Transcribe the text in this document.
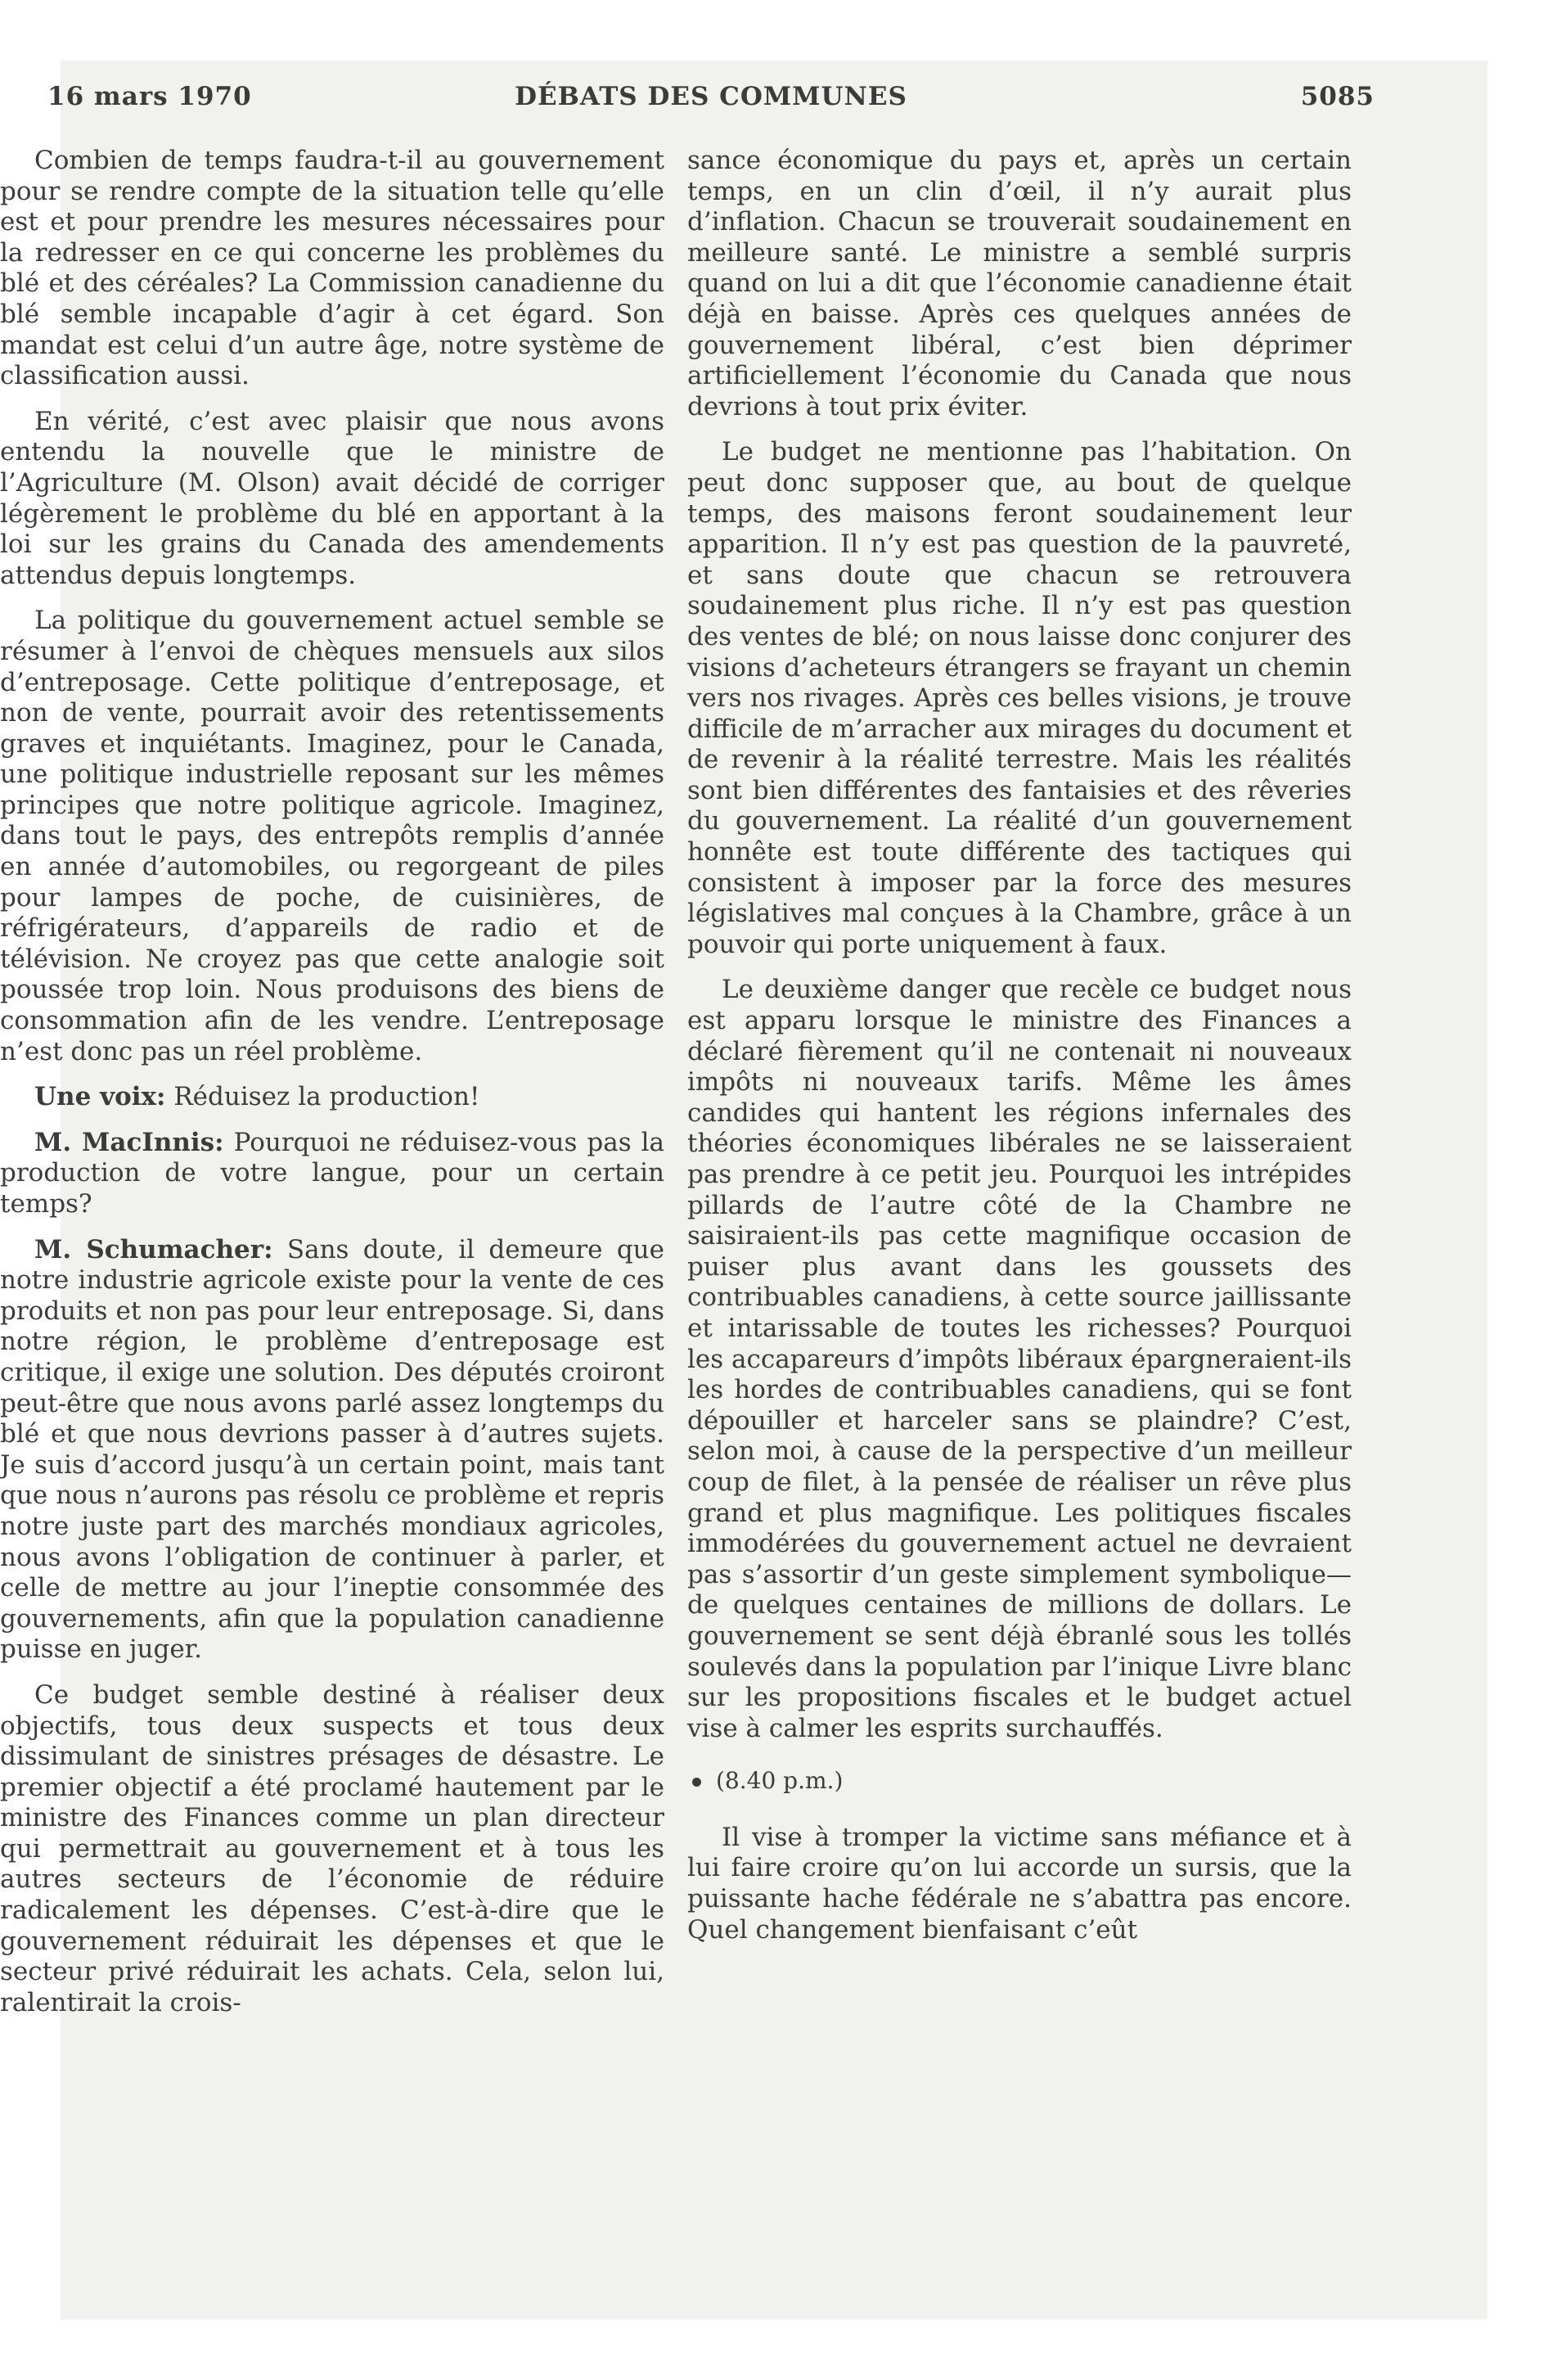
16 mars 1970	DÉBATS DES COMMUNES	5085

Combien de temps faudra-t-il au gouvernement pour se rendre compte de la situation telle qu’elle est et pour prendre les mesures nécessaires pour la redresser en ce qui concerne les problèmes du blé et des céréales? La Commission canadienne du blé semble incapable d’agir à cet égard. Son mandat est celui d’un autre âge, notre système de classification aussi.

En vérité, c’est avec plaisir que nous avons entendu la nouvelle que le ministre de l’Agriculture (M. Olson) avait décidé de corriger légèrement le problème du blé en apportant à la loi sur les grains du Canada des amendements attendus depuis longtemps.

La politique du gouvernement actuel semble se résumer à l’envoi de chèques mensuels aux silos d’entreposage. Cette politique d’entreposage, et non de vente, pourrait avoir des retentissements graves et inquiétants. Imaginez, pour le Canada, une politique industrielle reposant sur les mêmes principes que notre politique agricole. Imaginez, dans tout le pays, des entrepôts remplis d’année en année d’automobiles, ou regorgeant de piles pour lampes de poche, de cuisinières, de réfrigérateurs, d’appareils de radio et de télévision. Ne croyez pas que cette analogie soit poussée trop loin. Nous produisons des biens de consommation afin de les vendre. L’entreposage n’est donc pas un réel problème.

Une voix: Réduisez la production!

M. MacInnis: Pourquoi ne réduisez-vous pas la production de votre langue, pour un certain temps?

M. Schumacher: Sans doute, il demeure que notre industrie agricole existe pour la vente de ces produits et non pas pour leur entreposage. Si, dans notre région, le problème d’entreposage est critique, il exige une solution. Des députés croiront peut-être que nous avons parlé assez longtemps du blé et que nous devrions passer à d’autres sujets. Je suis d’accord jusqu’à un certain point, mais tant que nous n’aurons pas résolu ce problème et repris notre juste part des marchés mondiaux agricoles, nous avons l’obligation de continuer à parler, et celle de mettre au jour l’ineptie consommée des gouvernements, afin que la population canadienne puisse en juger.

Ce budget semble destiné à réaliser deux objectifs, tous deux suspects et tous deux dissimulant de sinistres présages de désastre. Le premier objectif a été proclamé hautement par le ministre des Finances comme un plan directeur qui permettrait au gouvernement et à tous les autres secteurs de l’économie de réduire radicalement les dépenses. C’est-à-dire que le gouvernement réduirait les dépenses et que le secteur privé réduirait les achats. Cela, selon lui, ralentirait la crois-

sance économique du pays et, après un certain temps, en un clin d’œil, il n’y aurait plus d’inflation. Chacun se trouverait soudainement en meilleure santé. Le ministre a semblé surpris quand on lui a dit que l’économie canadienne était déjà en baisse. Après ces quelques années de gouvernement libéral, c’est bien déprimer artificiellement l’économie du Canada que nous devrions à tout prix éviter.

Le budget ne mentionne pas l’habitation. On peut donc supposer que, au bout de quelque temps, des maisons feront soudainement leur apparition. Il n’y est pas question de la pauvreté, et sans doute que chacun se retrouvera soudainement plus riche. Il n’y est pas question des ventes de blé; on nous laisse donc conjurer des visions d’acheteurs étrangers se frayant un chemin vers nos rivages. Après ces belles visions, je trouve difficile de m’arracher aux mirages du document et de revenir à la réalité terrestre. Mais les réalités sont bien différentes des fantaisies et des rêveries du gouvernement. La réalité d’un gouvernement honnête est toute différente des tactiques qui consistent à imposer par la force des mesures législatives mal conçues à la Chambre, grâce à un pouvoir qui porte uniquement à faux.

Le deuxième danger que recèle ce budget nous est apparu lorsque le ministre des Finances a déclaré fièrement qu’il ne contenait ni nouveaux impôts ni nouveaux tarifs. Même les âmes candides qui hantent les régions infernales des théories économiques libérales ne se laisseraient pas prendre à ce petit jeu. Pourquoi les intrépides pillards de l’autre côté de la Chambre ne saisiraient-ils pas cette magnifique occasion de puiser plus avant dans les goussets des contribuables canadiens, à cette source jaillissante et intarissable de toutes les richesses? Pourquoi les accapareurs d’impôts libéraux épargneraient-ils les hordes de contribuables canadiens, qui se font dépouiller et harceler sans se plaindre? C’est, selon moi, à cause de la perspective d’un meilleur coup de filet, à la pensée de réaliser un rêve plus grand et plus magnifique. Les politiques fiscales immodérées du gouvernement actuel ne devraient pas s’assortir d’un geste simplement symbolique—de quelques centaines de millions de dollars. Le gouvernement se sent déjà ébranlé sous les tollés soulevés dans la population par l’inique Livre blanc sur les propositions fiscales et le budget actuel vise à calmer les esprits surchauffés.

(8.40 p.m.)

Il vise à tromper la victime sans méfiance et à lui faire croire qu’on lui accorde un sursis, que la puissante hache fédérale ne s’abattra pas encore. Quel changement bienfaisant c’eût
